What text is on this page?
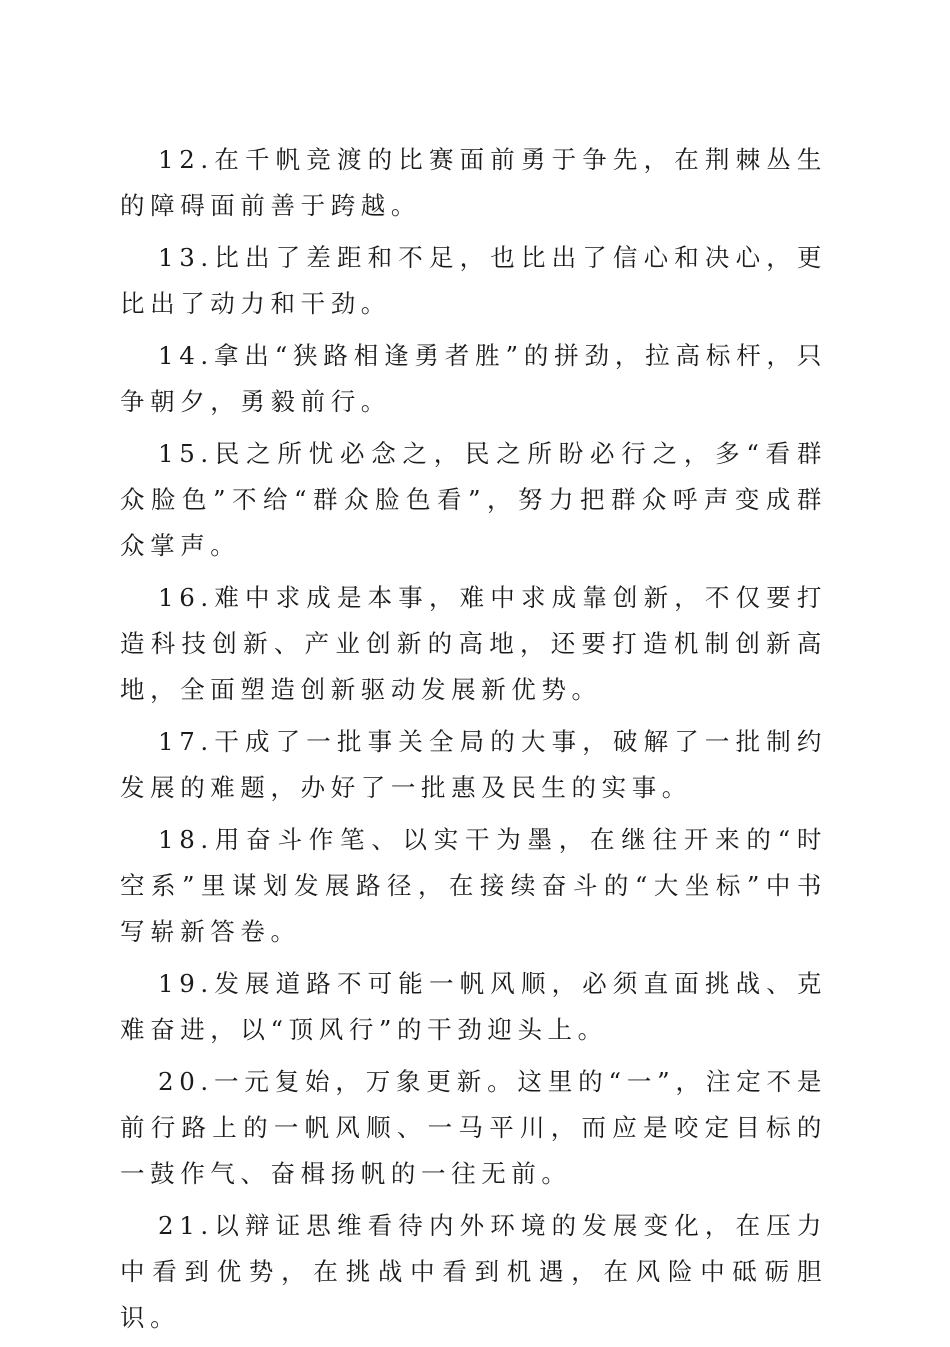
12.在千帆竞渡的比赛面前勇于争先，在荆棘丛生的障碍面前善于跨越。

13.比出了差距和不足，也比出了信心和决心，更比出了动力和干劲。

14.拿出“狭路相逢勇者胜”的拼劲，拉高标杆，只争朝夕，勇毅前行。

15.民之所忧必念之，民之所盼必行之，多“看群众脸色”不给“群众脸色看”，努力把群众呼声变成群众掌声。

16.难中求成是本事，难中求成靠创新，不仅要打造科技创新、产业创新的高地，还要打造机制创新高地，全面塑造创新驱动发展新优势。

17.干成了一批事关全局的大事，破解了一批制约发展的难题，办好了一批惠及民生的实事。

18.用奋斗作笔、以实干为墨，在继往开来的“时空系”里谋划发展路径，在接续奋斗的“大坐标”中书写崭新答卷。

19.发展道路不可能一帆风顺，必须直面挑战、克难奋进，以“顶风行”的干劲迎头上。

20.一元复始，万象更新。这里的“一”，注定不是前行路上的一帆风顺、一马平川，而应是咬定目标的一鼓作气、奋楫扬帆的一往无前。

21.以辩证思维看待内外环境的发展变化，在压力中看到优势，在挑战中看到机遇，在风险中砥砺胆识。
